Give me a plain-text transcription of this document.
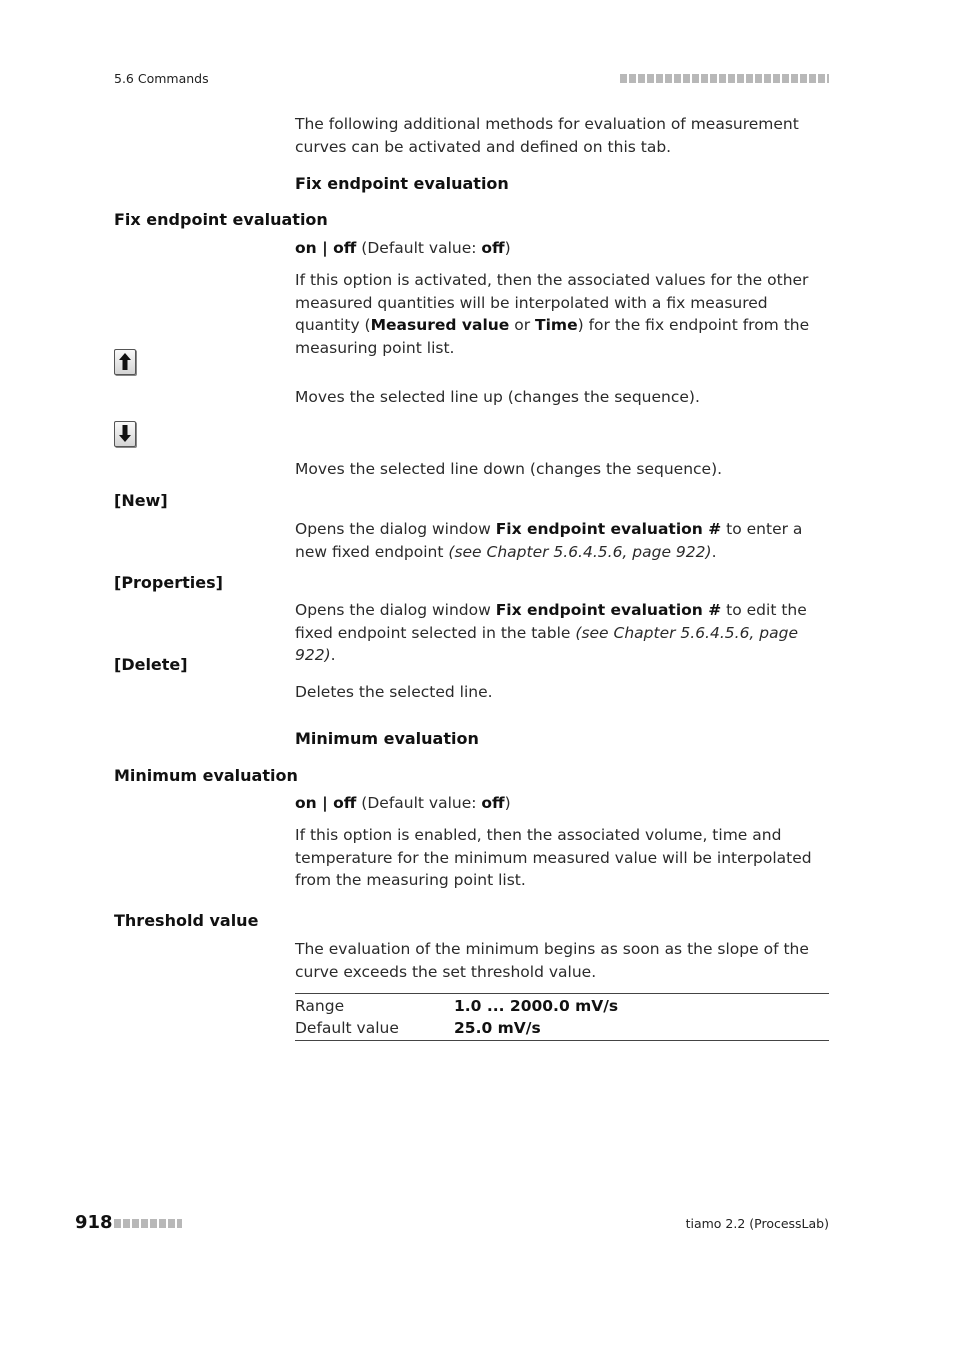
5.6 Commands
The following additional methods for evaluation of measurement curves can be activated and defined on this tab.
Fix endpoint evaluation
Fix endpoint evaluation
on | off (Default value: off)
If this option is activated, then the associated values for the other measured quantities will be interpolated with a fix measured quantity (Measured value or Time) for the fix endpoint from the measuring point list.
Moves the selected line up (changes the sequence).
Moves the selected line down (changes the sequence).
[New]
Opens the dialog window Fix endpoint evaluation # to enter a new fixed endpoint (see Chapter 5.6.4.5.6, page 922).
[Properties]
Opens the dialog window Fix endpoint evaluation # to edit the fixed endpoint selected in the table (see Chapter 5.6.4.5.6, page 922).
[Delete]
Deletes the selected line.
Minimum evaluation
Minimum evaluation
on | off (Default value: off)
If this option is enabled, then the associated volume, time and temperature for the minimum measured value will be interpolated from the measuring point list.
Threshold value
The evaluation of the minimum begins as soon as the slope of the curve exceeds the set threshold value.
Range	1.0 ... 2000.0 mV/s
Default value	25.0 mV/s
918	tiamo 2.2 (ProcessLab)
